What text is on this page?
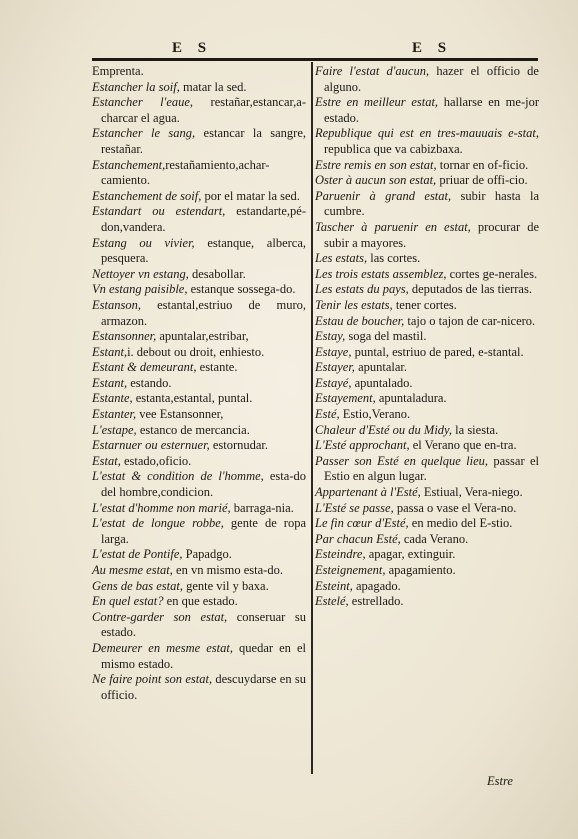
E S	E S

Emprenta.

Estancher la soif, matar la sed.

Estancher l'eaue, restañar,estancar,a-charcar el agua.

Estancher le sang, estancar la sangre, restañar.

Estanchement,restañamiento,achar-camiento.

Estanchement de soif, por el matar la sed.

Estandart ou estendart, estandarte,pé-don,vandera.

Estang ou vivier, estanque, alberca, pesquera.

Nettoyer vn estang, desabollar.

Vn estang paisible, estanque sossega-do.

Estanson, estantal,estriuo de muro, armazon.

Estansonner, apuntalar,estribar,

Estant,i. debout ou droit, enhiesto.

Estant & demeurant, estante.

Estant, estando.

Estante, estanta,estantal, puntal.

Estanter, vee Estansonner,

L'estape, estanco de mercancia.

Estarnuer ou esternuer, estornudar.

Estat, estado,oficio.

L'estat & condition de l'homme, esta-do del hombre,condicion.

L'estat d'homme non marié, barraga-nia.

L'estat de longue robbe, gente de ropa larga.

L'estat de Pontife, Papadgo.

Au mesme estat, en vn mismo esta-do.

Gens de bas estat, gente vil y baxa.

En quel estat? en que estado.

Contre-garder son estat, conseruar su estado.

Demeurer en mesme estat, quedar en el mismo estado.

Ne faire point son estat, descuydarse en su officio.

Faire l'estat d'aucun, hazer el officio de alguno.

Estre en meilleur estat, hallarse en me-jor estado.

Republique qui est en tres-mauuais e-stat, republica que va cabizbaxa.

Estre remis en son estat, tornar en of-ficio.

Oster à aucun son estat, priuar de offi-cio.

Paruenir à grand estat, subir hasta la cumbre.

Tascher à paruenir en estat, procurar de subir a mayores.

Les estats, las cortes.

Les trois estats assemblez, cortes ge-nerales.

Les estats du pays, deputados de las tierras.

Tenir les estats, tener cortes.

Estau de boucher, tajo o tajon de car-nicero.

Estay, soga del mastil.

Estaye, puntal, estriuo de pared, e-stantal.

Estayer, apuntalar.

Estayé, apuntalado.

Estayement, apuntaladura.

Esté, Estio,Verano.

Chaleur d'Esté ou du Midy, la siesta.

L'Esté approchant, el Verano que en-tra.

Passer son Esté en quelque lieu, passar el Estio en algun lugar.

Appartenant à l'Esté, Estiual, Vera-niego.

L'Esté se passe, passa o vase el Vera-no.

Le fin cœur d'Esté, en medio del E-stio.

Par chacun Esté, cada Verano.

Esteindre, apagar, extinguir.

Esteignement, apagamiento.

Esteint, apagado.

Estelé, estrellado.

Estre
